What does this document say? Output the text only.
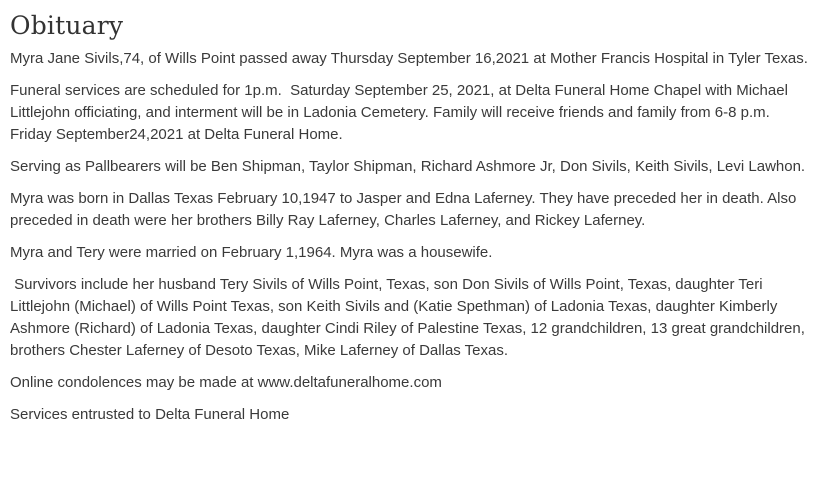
Obituary

Myra Jane Sivils,74, of Wills Point passed away Thursday September 16,2021 at Mother Francis Hospital in Tyler Texas.

Funeral services are scheduled for 1p.m.  Saturday September 25, 2021, at Delta Funeral Home Chapel with Michael Littlejohn officiating, and interment will be in Ladonia Cemetery. Family will receive friends and family from 6-8 p.m. Friday September24,2021 at Delta Funeral Home.

Serving as Pallbearers will be Ben Shipman, Taylor Shipman, Richard Ashmore Jr, Don Sivils, Keith Sivils, Levi Lawhon.

Myra was born in Dallas Texas February 10,1947 to Jasper and Edna Laferney. They have preceded her in death. Also preceded in death were her brothers Billy Ray Laferney, Charles Laferney, and Rickey Laferney.

Myra and Tery were married on February 1,1964. Myra was a housewife.

Survivors include her husband Tery Sivils of Wills Point, Texas, son Don Sivils of Wills Point, Texas, daughter Teri Littlejohn (Michael) of Wills Point Texas, son Keith Sivils and (Katie Spethman) of Ladonia Texas, daughter Kimberly Ashmore (Richard) of Ladonia Texas, daughter Cindi Riley of Palestine Texas, 12 grandchildren, 13 great grandchildren, brothers Chester Laferney of Desoto Texas, Mike Laferney of Dallas Texas.

Online condolences may be made at www.deltafuneralhome.com

Services entrusted to Delta Funeral Home
